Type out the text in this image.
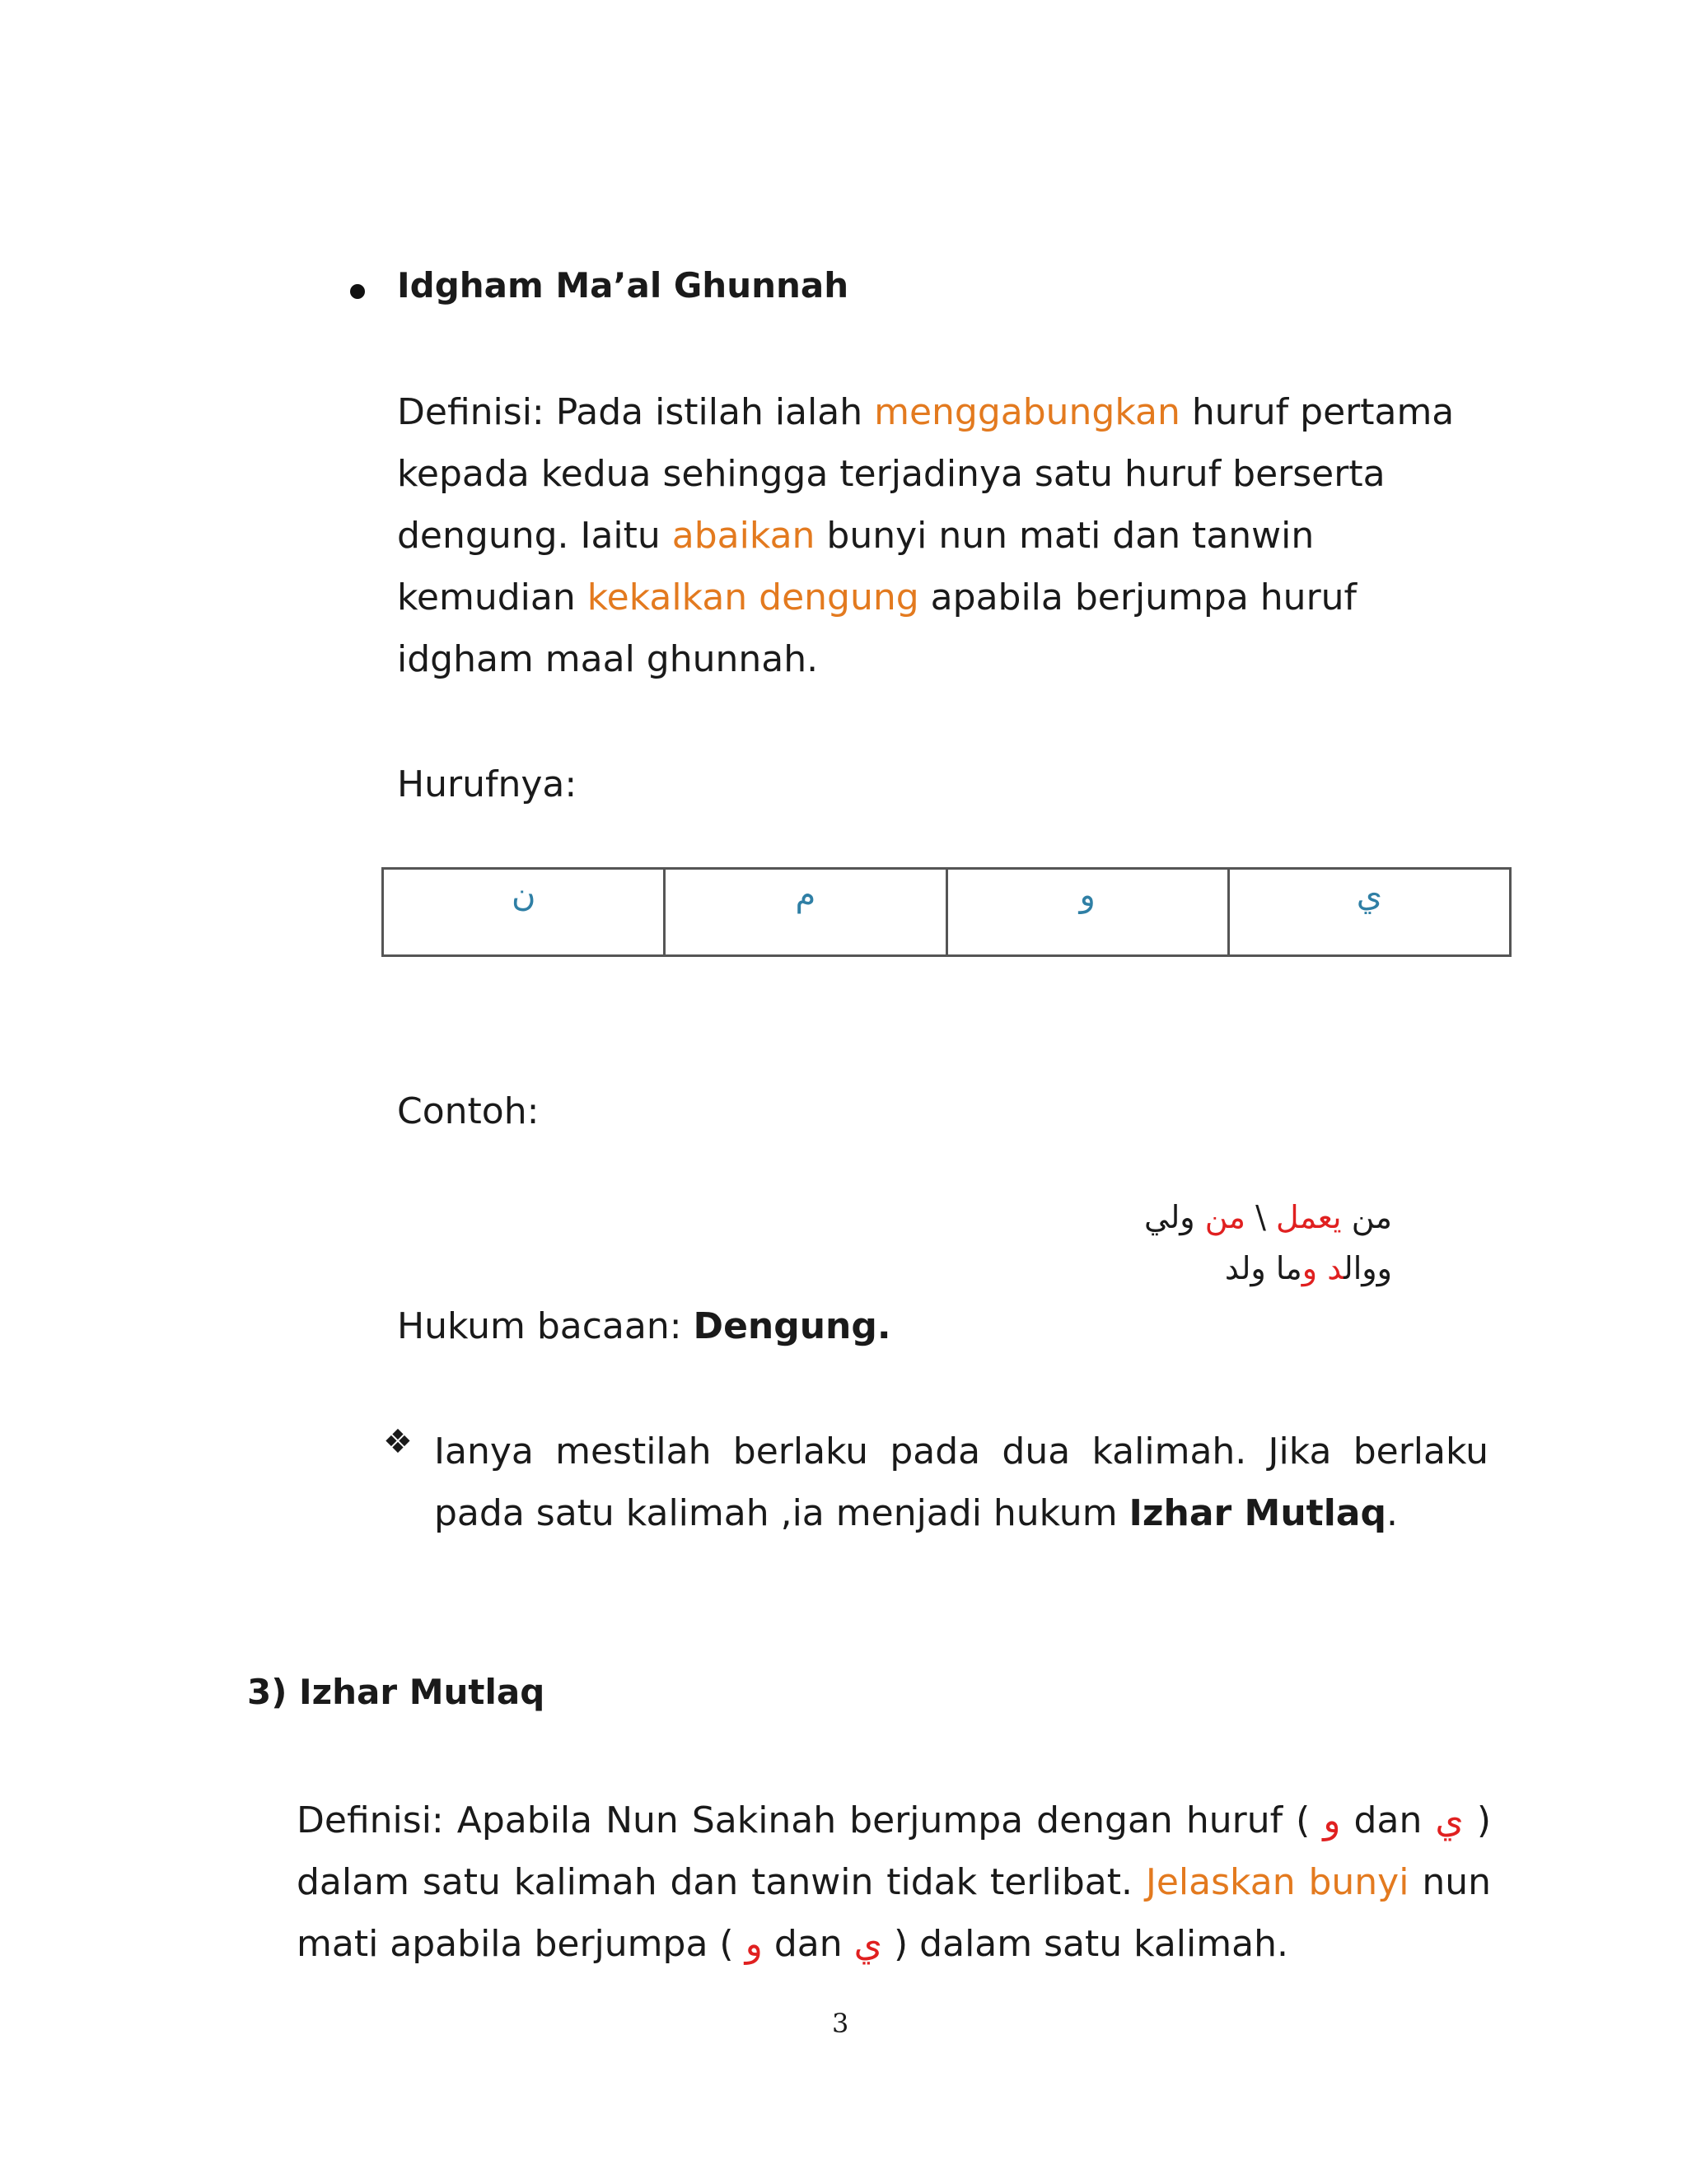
Idgham Ma’al Ghunnah
Definisi: Pada istilah ialah menggabungkan huruf pertama kepada kedua sehingga terjadinya satu huruf berserta dengung. Iaitu abaikan bunyi nun mati dan tanwin kemudian kekalkan dengung apabila berjumpa huruf idgham maal ghunnah.
Hurufnya:
ن	م	و	ي
Contoh:
من يعمل \ من ولي
ووالد وما ولد
Hukum bacaan: Dengung.
❖ Ianya mestilah berlaku pada dua kalimah. Jika berlaku pada satu kalimah ,ia menjadi hukum Izhar Mutlaq.
3) Izhar Mutlaq
Definisi: Apabila Nun Sakinah berjumpa dengan huruf ( و dan ي ) dalam satu kalimah dan tanwin tidak terlibat. Jelaskan bunyi nun mati apabila berjumpa ( و dan ي ) dalam satu kalimah.
3
